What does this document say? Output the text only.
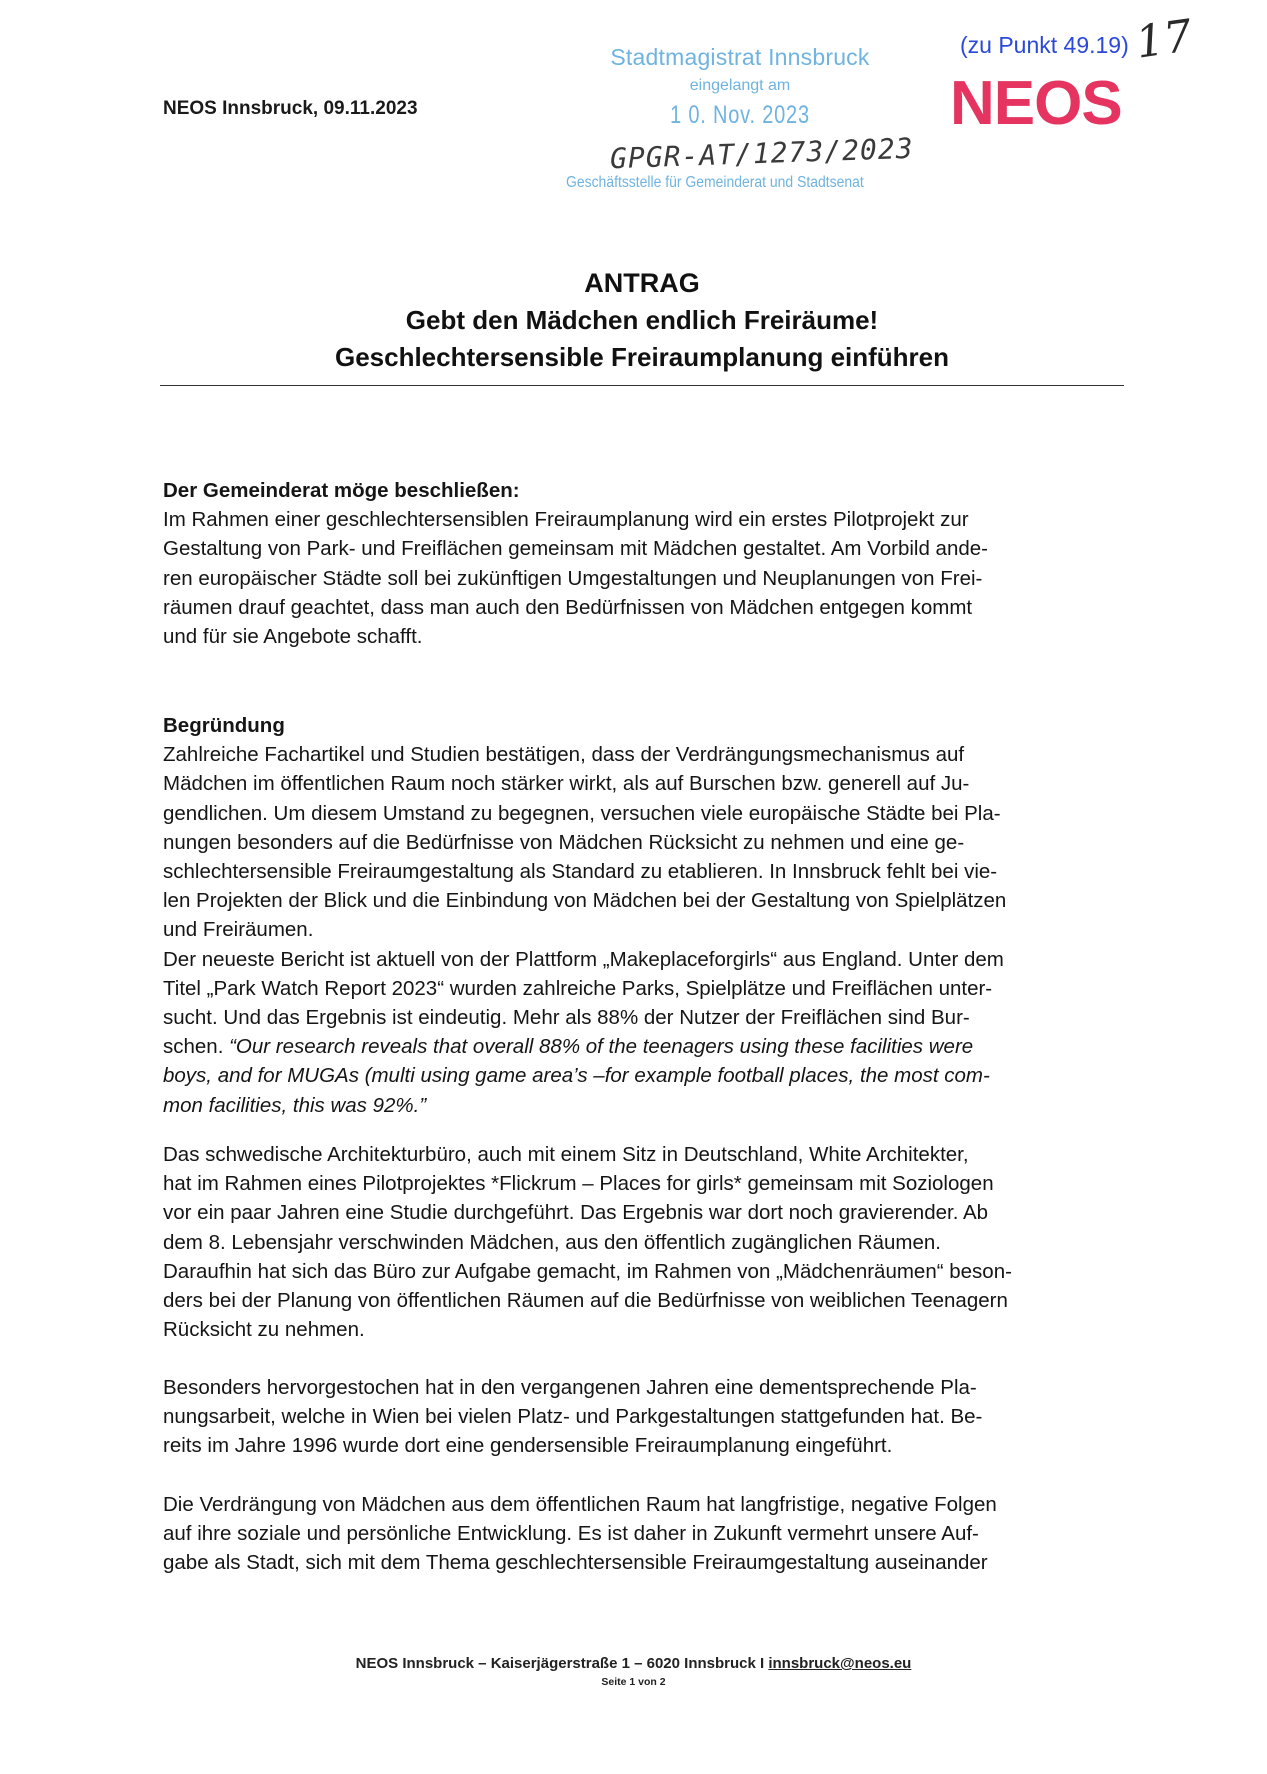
NEOS Innsbruck, 09.11.2023
Stadtmagistrat Innsbruck
eingelangt am
1 0. Nov. 2023
GPGR-AT/1273/2023
Geschäftsstelle für Gemeinderat und Stadtsenat
(zu Punkt 49.19) 17
NEOS
ANTRAG
Gebt den Mädchen endlich Freiräume!
Geschlechtersensible Freiraumplanung einführen
Der Gemeinderat möge beschließen:
Im Rahmen einer geschlechtersensiblen Freiraumplanung wird ein erstes Pilotprojekt zur
Gestaltung von Park- und Freiflächen gemeinsam mit Mädchen gestaltet. Am Vorbild ande-
ren europäischer Städte soll bei zukünftigen Umgestaltungen und Neuplanungen von Frei-
räumen drauf geachtet, dass man auch den Bedürfnissen von Mädchen entgegen kommt
und für sie Angebote schafft.
Begründung
Zahlreiche Fachartikel und Studien bestätigen, dass der Verdrängungsmechanismus auf
Mädchen im öffentlichen Raum noch stärker wirkt, als auf Burschen bzw. generell auf Ju-
gendlichen. Um diesem Umstand zu begegnen, versuchen viele europäische Städte bei Pla-
nungen besonders auf die Bedürfnisse von Mädchen Rücksicht zu nehmen und eine ge-
schlechtersensible Freiraumgestaltung als Standard zu etablieren. In Innsbruck fehlt bei vie-
len Projekten der Blick und die Einbindung von Mädchen bei der Gestaltung von Spielplätzen
und Freiräumen.
Der neueste Bericht ist aktuell von der Plattform „Makeplaceforgirls“ aus England. Unter dem
Titel „Park Watch Report 2023“ wurden zahlreiche Parks, Spielplätze und Freiflächen unter-
sucht. Und das Ergebnis ist eindeutig. Mehr als 88% der Nutzer der Freiflächen sind Bur-
schen. “Our research reveals that overall 88% of the teenagers using these facilities were
boys, and for MUGAs (multi using game area’s –for example football places, the most com-
mon facilities, this was 92%.”
Das schwedische Architekturbüro, auch mit einem Sitz in Deutschland, White Architekter,
hat im Rahmen eines Pilotprojektes *Flickrum – Places for girls* gemeinsam mit Soziologen
vor ein paar Jahren eine Studie durchgeführt. Das Ergebnis war dort noch gravierender. Ab
dem 8. Lebensjahr verschwinden Mädchen, aus den öffentlich zugänglichen Räumen.
Daraufhin hat sich das Büro zur Aufgabe gemacht, im Rahmen von „Mädchenräumen“ beson-
ders bei der Planung von öffentlichen Räumen auf die Bedürfnisse von weiblichen Teenagern
Rücksicht zu nehmen.
Besonders hervorgestochen hat in den vergangenen Jahren eine dementsprechende Pla-
nungsarbeit, welche in Wien bei vielen Platz- und Parkgestaltungen stattgefunden hat. Be-
reits im Jahre 1996 wurde dort eine gendersensible Freiraumplanung eingeführt.
Die Verdrängung von Mädchen aus dem öffentlichen Raum hat langfristige, negative Folgen
auf ihre soziale und persönliche Entwicklung. Es ist daher in Zukunft vermehrt unsere Auf-
gabe als Stadt, sich mit dem Thema geschlechtersensible Freiraumgestaltung auseinander
NEOS Innsbruck – Kaiserjägerstraße 1 – 6020 Innsbruck I innsbruck@neos.eu
Seite 1 von 2
